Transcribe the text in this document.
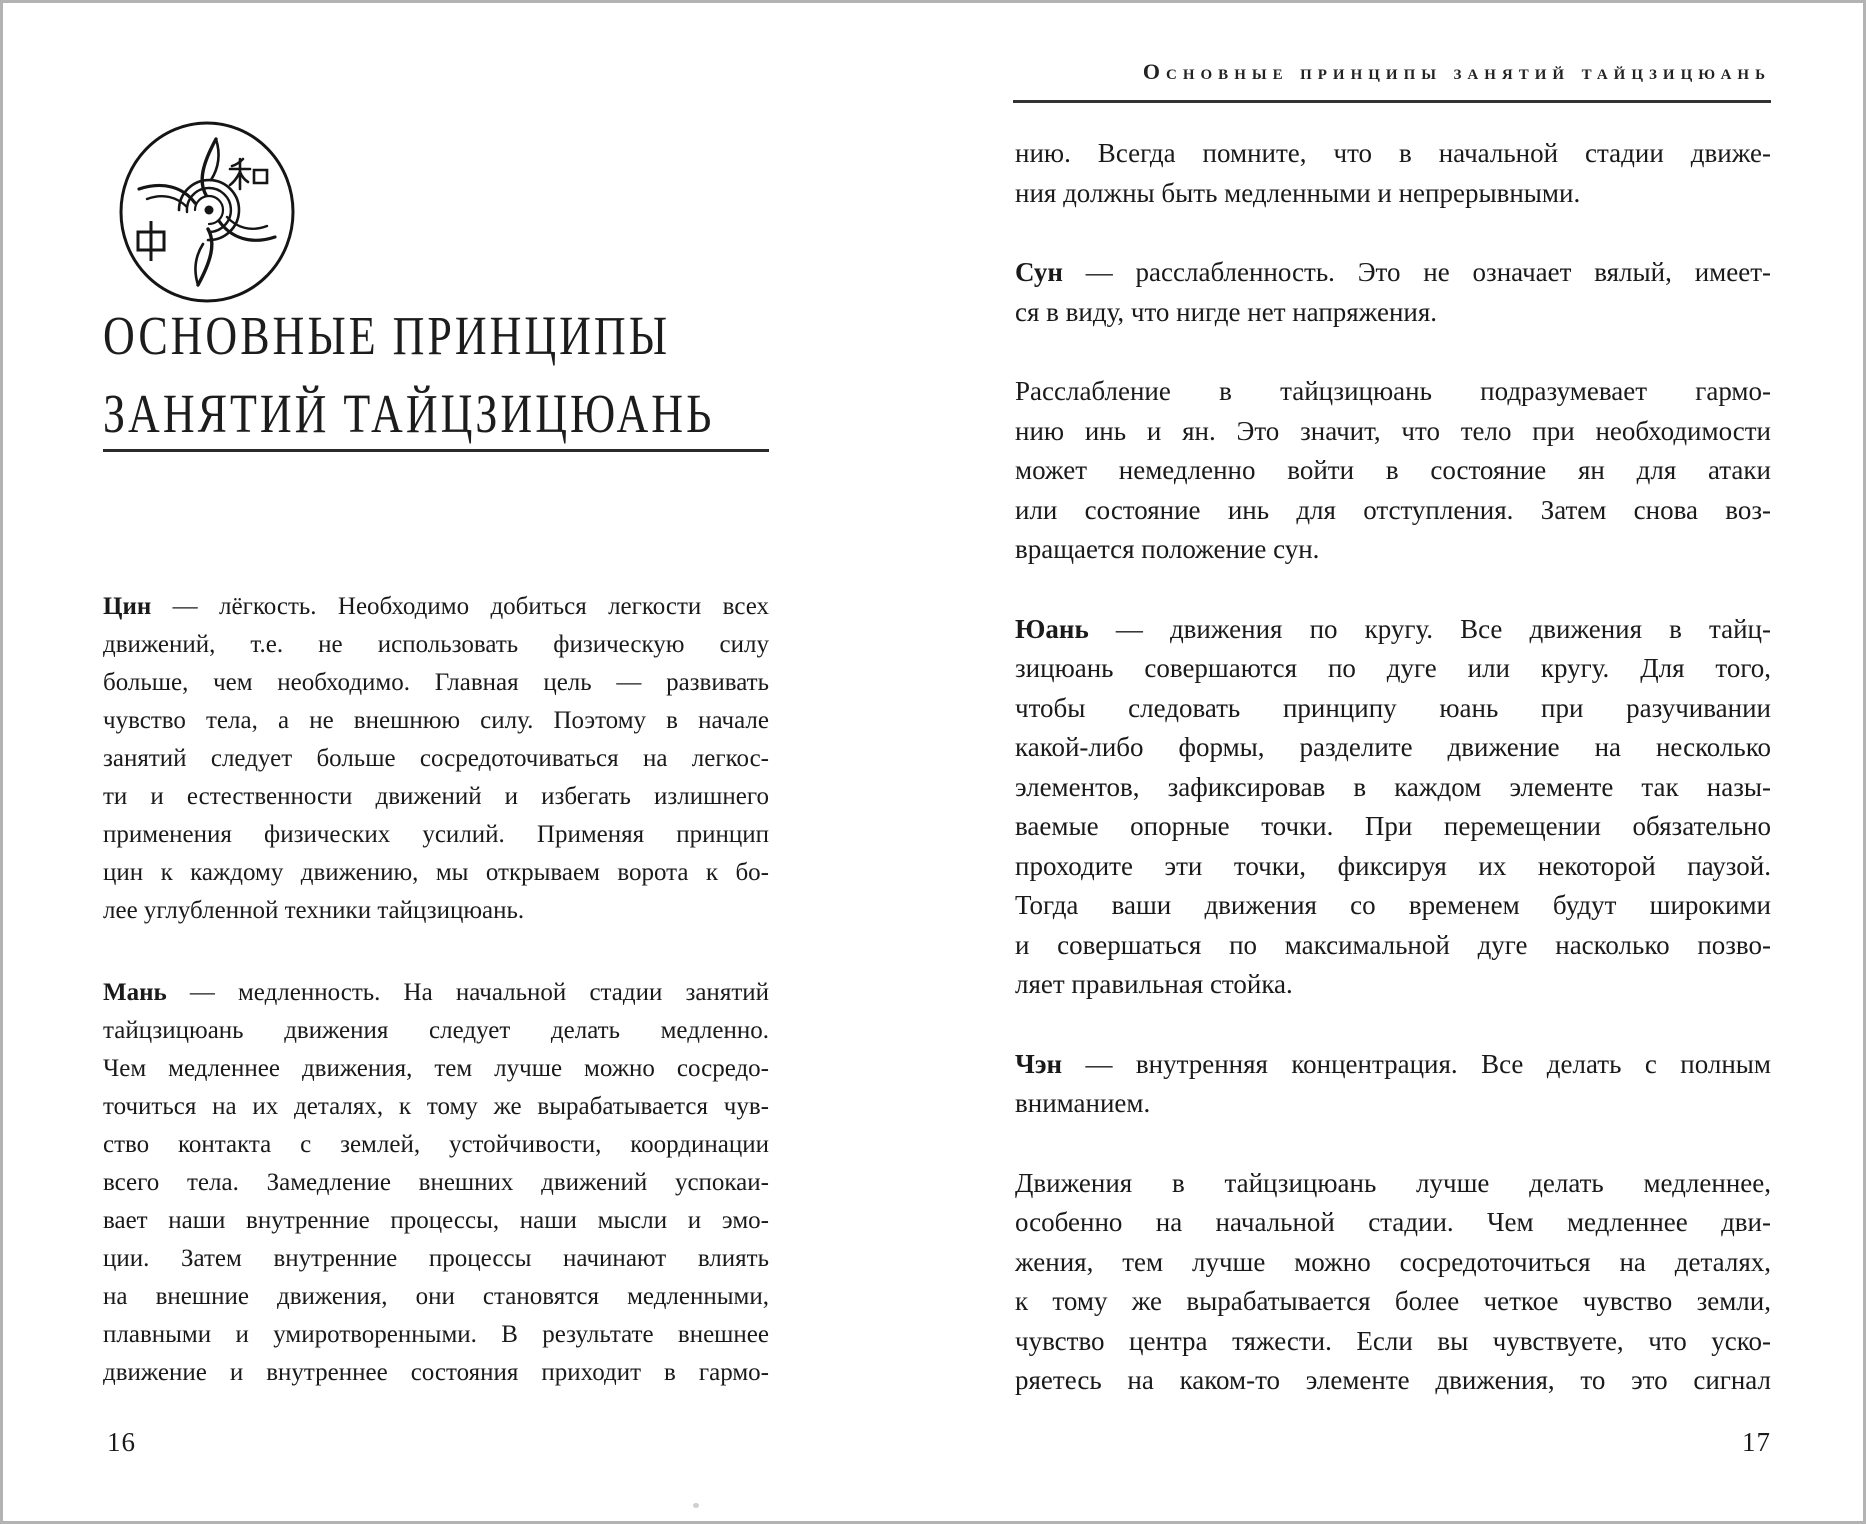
ОСНОВНЫЕ ПРИНЦИПЫ
ЗАНЯТИЙ ТАЙЦЗИЦЮАНЬ
Цин — лёгкость. Необходимо добиться легкости всех
движений, т.е. не использовать физическую силу
больше, чем необходимо. Главная цель — развивать
чувство тела, а не внешнюю силу. Поэтому в начале
занятий следует больше сосредоточиваться на легкос-
ти и естественности движений и избегать излишнего
применения физических усилий. Применяя принцип
цин к каждому движению, мы открываем ворота к бо-
лее углубленной техники тайцзицюань.
Мань — медленность. На начальной стадии занятий
тайцзицюань движения следует делать медленно.
Чем медленнее движения, тем лучше можно сосредо-
точиться на их деталях, к тому же вырабатывается чув-
ство контакта с землей, устойчивости, координации
всего тела. Замедление внешних движений успокаи-
вает наши внутренние процессы, наши мысли и эмо-
ции. Затем внутренние процессы начинают влиять
на внешние движения, они становятся медленными,
плавными и умиротворенными. В результате внешнее
движение и внутреннее состояния приходит в гармо-
16
Основные принципы занятий тайцзицюань
нию. Всегда помните, что в начальной стадии движе-
ния должны быть медленными и непрерывными.
Сун — расслабленность. Это не означает вялый, имеет-
ся в виду, что нигде нет напряжения.
Расслабление в тайцзицюань подразумевает гармо-
нию инь и ян. Это значит, что тело при необходимости
может немедленно войти в состояние ян для атаки
или состояние инь для отступления. Затем снова воз-
вращается положение сун.
Юань — движения по кругу. Все движения в тайц-
зицюань совершаются по дуге или кругу. Для того,
чтобы следовать принципу юань при разучивании
какой-либо формы, разделите движение на несколько
элементов, зафиксировав в каждом элементе так назы-
ваемые опорные точки. При перемещении обязательно
проходите эти точки, фиксируя их некоторой паузой.
Тогда ваши движения со временем будут широкими
и совершаться по максимальной дуге насколько позво-
ляет правильная стойка.
Чэн — внутренняя концентрация. Все делать с полным
вниманием.
Движения в тайцзицюань лучше делать медленнее,
особенно на начальной стадии. Чем медленнее дви-
жения, тем лучше можно сосредоточиться на деталях,
к тому же вырабатывается более четкое чувство земли,
чувство центра тяжести. Если вы чувствуете, что уско-
ряетесь на каком-то элементе движения, то это сигнал
17
